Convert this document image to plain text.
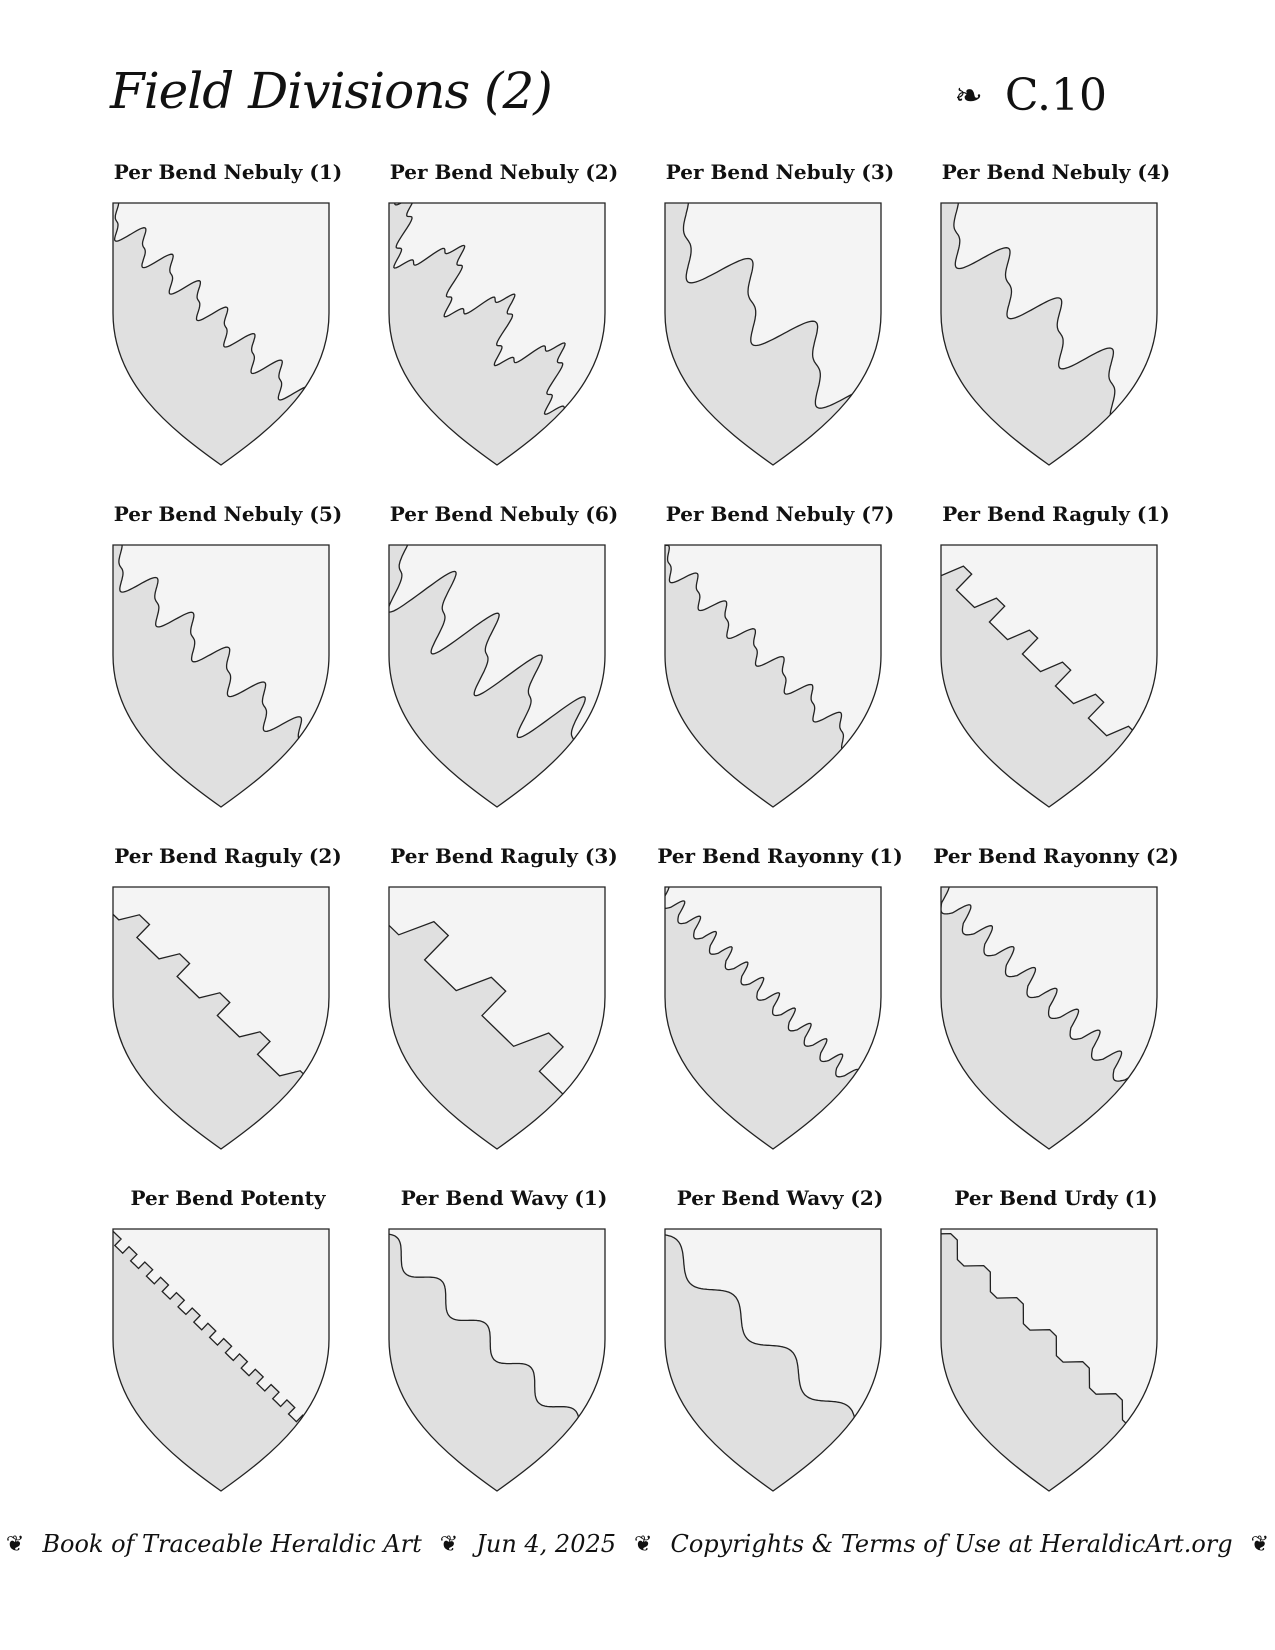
Field Divisions (2)	❧ C.10
Per Bend Nebuly (1)	Per Bend Nebuly (2)	Per Bend Nebuly (3)	Per Bend Nebuly (4)
Per Bend Nebuly (5)	Per Bend Nebuly (6)	Per Bend Nebuly (7)	Per Bend Raguly (1)
Per Bend Raguly (2)	Per Bend Raguly (3)	Per Bend Rayonny (1)	Per Bend Rayonny (2)
Per Bend Potenty	Per Bend Wavy (1)	Per Bend Wavy (2)	Per Bend Urdy (1)
❦ Book of Traceable Heraldic Art ❦ Jun 4, 2025 ❦ Copyrights & Terms of Use at HeraldicArt.org ❦
